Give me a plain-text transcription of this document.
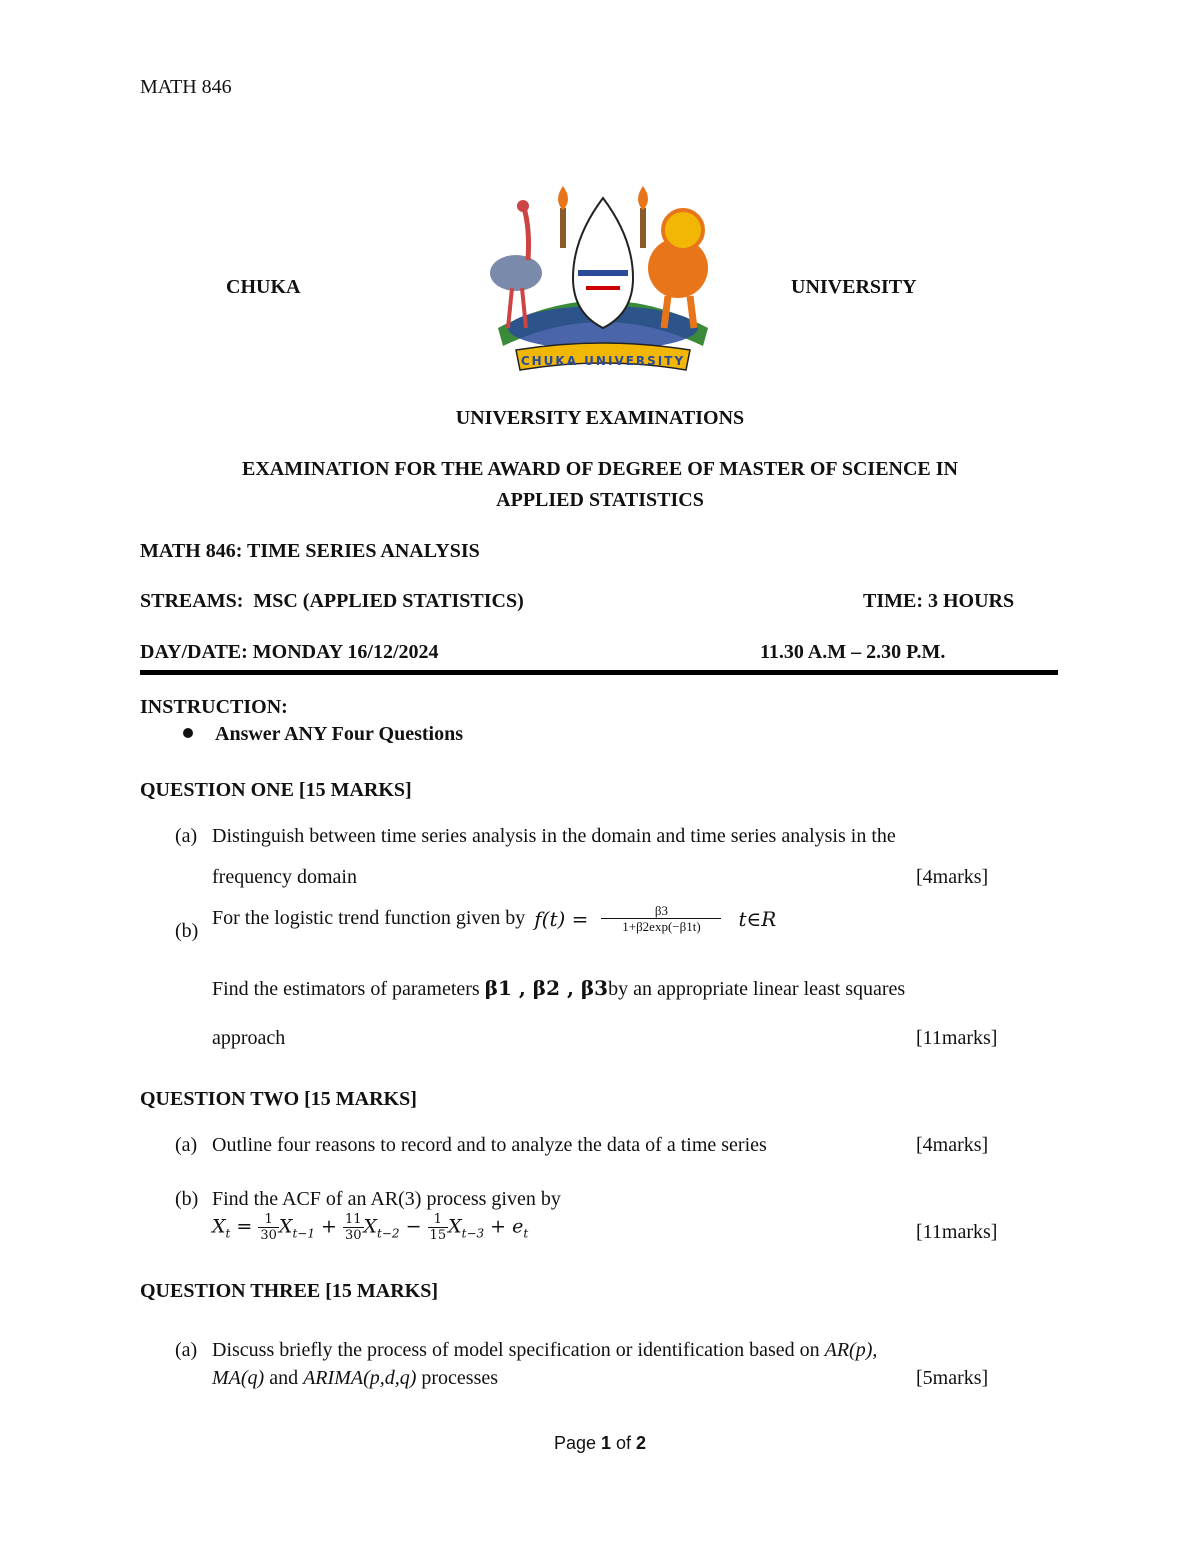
MATH 846
CHUKA	UNIVERSITY
CHUKA UNIVERSITY
UNIVERSITY EXAMINATIONS
EXAMINATION FOR THE AWARD OF DEGREE OF MASTER OF SCIENCE IN
APPLIED STATISTICS
MATH 846: TIME SERIES ANALYSIS
STREAMS:  MSC (APPLIED STATISTICS)	TIME: 3 HOURS
DAY/DATE: MONDAY 16/12/2024	11.30 A.M – 2.30 P.M.
INSTRUCTION:
Answer ANY Four Questions
QUESTION ONE [15 MARKS]
(a) Distinguish between time series analysis in the domain and time series analysis in the
frequency domain	[4marks]
(b)
For the logistic trend function given by $f(t) = \frac{\beta 3}{1+\beta 2\exp(-\beta 1t)}$ t∈R
Find the estimators of parameters β1 , β2 , β3by an appropriate linear least squares
approach	[11marks]
QUESTION TWO [15 MARKS]
(a) Outline four reasons to record and to analyze the data of a time series	[4marks]
(b) Find the ACF of an AR(3) process given by
$X_t = \frac{1}{30} X_{t-1} + \frac{11}{30} X_{t-2} - \frac{1}{15} X_{t-3} + e_t$	[11marks]
QUESTION THREE [15 MARKS]
(a) Discuss briefly the process of model specification or identification based on AR(p),
MA(q) and ARIMA(p,d,q) processes	[5marks]
Page 1 of 2
